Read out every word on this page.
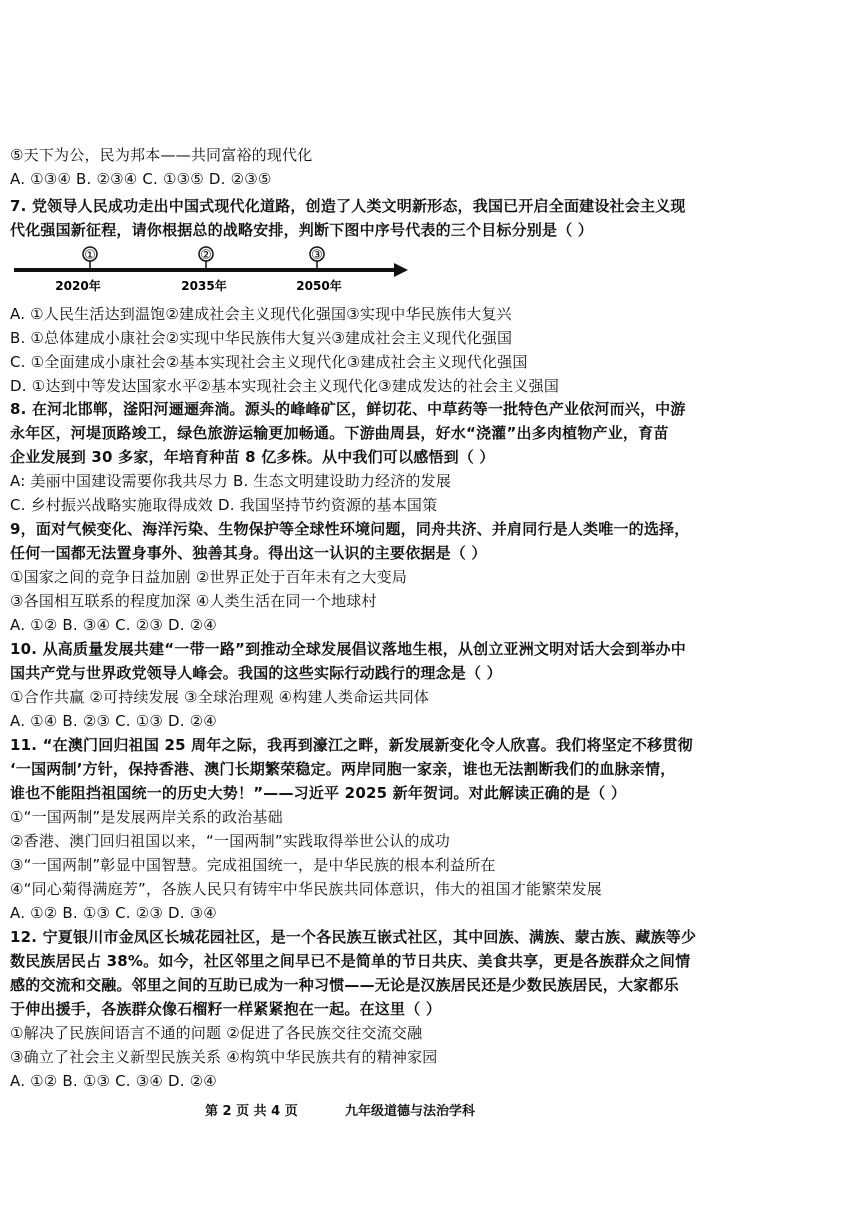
⑤天下为公，民为邦本——共同富裕的现代化
A. ①③④ B. ②③④ C. ①③⑤ D. ②③⑤
7. 党领导人民成功走出中国式现代化道路，创造了人类文明新形态，我国已开启全面建设社会主义现
代化强国新征程，请你根据总的战略安排，判断下图中序号代表的三个目标分别是（ ）
①
2020年
②
2035年
③
2050年
A. ①人民生活达到温饱②建成社会主义现代化强国③实现中华民族伟大复兴
B. ①总体建成小康社会②实现中华民族伟大复兴③建成社会主义现代化强国
C. ①全面建成小康社会②基本实现社会主义现代化③建成社会主义现代化强国
D. ①达到中等发达国家水平②基本实现社会主义现代化③建成发达的社会主义强国
8. 在河北邯郸，滏阳河逦逦奔淌。源头的峰峰矿区，鲜切花、中草药等一批特色产业依河而兴，中游
永年区，河堤顶路竣工，绿色旅游运输更加畅通。下游曲周县，好水“浇灌”出多肉植物产业，育苗
企业发展到 30 多家，年培育种苗 8 亿多株。从中我们可以感悟到（ ）
A: 美丽中国建设需要你我共尽力 B. 生态文明建设助力经济的发展
C. 乡村振兴战略实施取得成效 D. 我国坚持节约资源的基本国策
9，面对气候变化、海洋污染、生物保护等全球性环境问题，同舟共济、并肩同行是人类唯一的选择，
任何一国都无法置身事外、独善其身。得出这一认识的主要依据是（ ）
①国家之间的竞争日益加剧 ②世界正处于百年未有之大变局
③各国相互联系的程度加深 ④人类生活在同一个地球村
A. ①② B. ③④ C. ②③ D. ②④
10. 从高质量发展共建“一带一路”到推动全球发展倡议落地生根，从创立亚洲文明对话大会到举办中
国共产党与世界政党领导人峰会。我国的这些实际行动践行的理念是（ ）
①合作共赢 ②可持续发展 ③全球治理观 ④构建人类命运共同体
A. ①④ B. ②③ C. ①③ D. ②④
11. “在澳门回归祖国 25 周年之际，我再到濠江之畔，新发展新变化令人欣喜。我们将坚定不移贯彻
‘一国两制’方针，保持香港、澳门长期繁荣稳定。两岸同胞一家亲，谁也无法割断我们的血脉亲情，
谁也不能阻挡祖国统一的历史大势！”——习近平 2025 新年贺词。对此解读正确的是（ ）
①“一国两制”是发展两岸关系的政治基础
②香港、澳门回归祖国以来，“一国两制”实践取得举世公认的成功
③“一国两制”彰显中国智慧。完成祖国统一，是中华民族的根本利益所在
④“同心菊得满庭芳”，各族人民只有铸牢中华民族共同体意识，伟大的祖国才能繁荣发展
A. ①② B. ①③ C. ②③ D. ③④
12. 宁夏银川市金凤区长城花园社区，是一个各民族互嵌式社区，其中回族、满族、蒙古族、藏族等少
数民族居民占 38%。如今，社区邻里之间早已不是简单的节日共庆、美食共享，更是各族群众之间情
感的交流和交融。邻里之间的互助已成为一种习惯——无论是汉族居民还是少数民族居民，大家都乐
于伸出援手，各族群众像石榴籽一样紧紧抱在一起。在这里（ ）
①解决了民族间语言不通的问题 ②促进了各民族交往交流交融
③确立了社会主义新型民族关系 ④构筑中华民族共有的精神家园
A. ①② B. ①③ C. ③④ D. ②④
第 2 页 共 4 页	九年级道德与法治学科
